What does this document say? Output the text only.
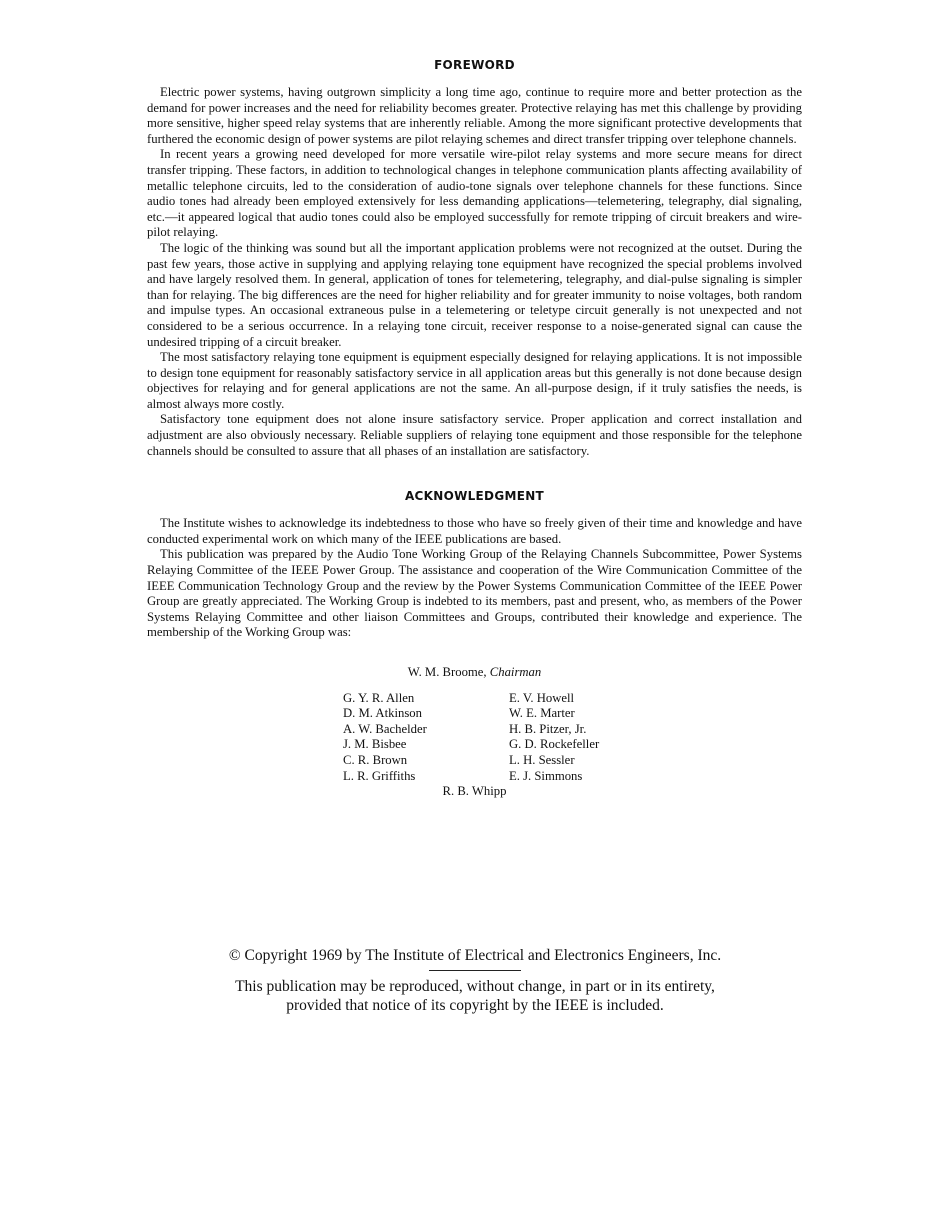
FOREWORD

Electric power systems, having outgrown simplicity a long time ago, continue to require more and better protection as the demand for power increases and the need for reliability becomes greater. Protective relaying has met this challenge by providing more sensitive, higher speed relay systems that are inherently reliable. Among the more significant protective developments that furthered the economic design of power systems are pilot relaying schemes and direct transfer tripping over telephone channels.

In recent years a growing need developed for more versatile wire-pilot relay systems and more secure means for direct transfer tripping. These factors, in addition to technological changes in telephone communication plants affecting availability of metallic telephone circuits, led to the consideration of audio-tone signals over telephone channels for these functions. Since audio tones had already been employed extensively for less demanding applications—telemetering, telegraphy, dial signaling, etc.—it appeared logical that audio tones could also be employed successfully for remote tripping of circuit breakers and wire-pilot relaying.

The logic of the thinking was sound but all the important application problems were not recognized at the outset. During the past few years, those active in supplying and applying relaying tone equipment have recognized the special problems involved and have largely resolved them. In general, application of tones for telemetering, telegraphy, and dial-pulse signaling is simpler than for relaying. The big differences are the need for higher reliability and for greater immunity to noise voltages, both random and impulse types. An occasional extraneous pulse in a telemetering or teletype circuit generally is not unexpected and not considered to be a serious occurrence. In a relaying tone circuit, receiver response to a noise-generated signal can cause the undesired tripping of a circuit breaker.

The most satisfactory relaying tone equipment is equipment especially designed for relaying applications. It is not impossible to design tone equipment for reasonably satisfactory service in all application areas but this generally is not done because design objectives for relaying and for general applications are not the same. An all-purpose design, if it truly satisfies the needs, is almost always more costly.

Satisfactory tone equipment does not alone insure satisfactory service. Proper application and correct installation and adjustment are also obviously necessary. Reliable suppliers of relaying tone equipment and those responsible for the telephone channels should be consulted to assure that all phases of an installation are satisfactory.

ACKNOWLEDGMENT

The Institute wishes to acknowledge its indebtedness to those who have so freely given of their time and knowledge and have conducted experimental work on which many of the IEEE publications are based.

This publication was prepared by the Audio Tone Working Group of the Relaying Channels Subcommittee, Power Systems Relaying Committee of the IEEE Power Group. The assistance and cooperation of the Wire Communication Committee of the IEEE Communication Technology Group and the review by the Power Systems Communication Committee of the IEEE Power Group are greatly appreciated. The Working Group is indebted to its members, past and present, who, as members of the Power Systems Relaying Committee and other liaison Committees and Groups, contributed their knowledge and experience. The membership of the Working Group was:

W. M. Broome, Chairman
G. Y. R. Allen	E. V. Howell
D. M. Atkinson	W. E. Marter
A. W. Bachelder	H. B. Pitzer, Jr.
J. M. Bisbee	G. D. Rockefeller
C. R. Brown	L. H. Sessler
L. R. Griffiths	E. J. Simmons
R. B. Whipp
© Copyright 1969 by The Institute of Electrical and Electronics Engineers, Inc.
This publication may be reproduced, without change, in part or in its entirety,
provided that notice of its copyright by the IEEE is included.
